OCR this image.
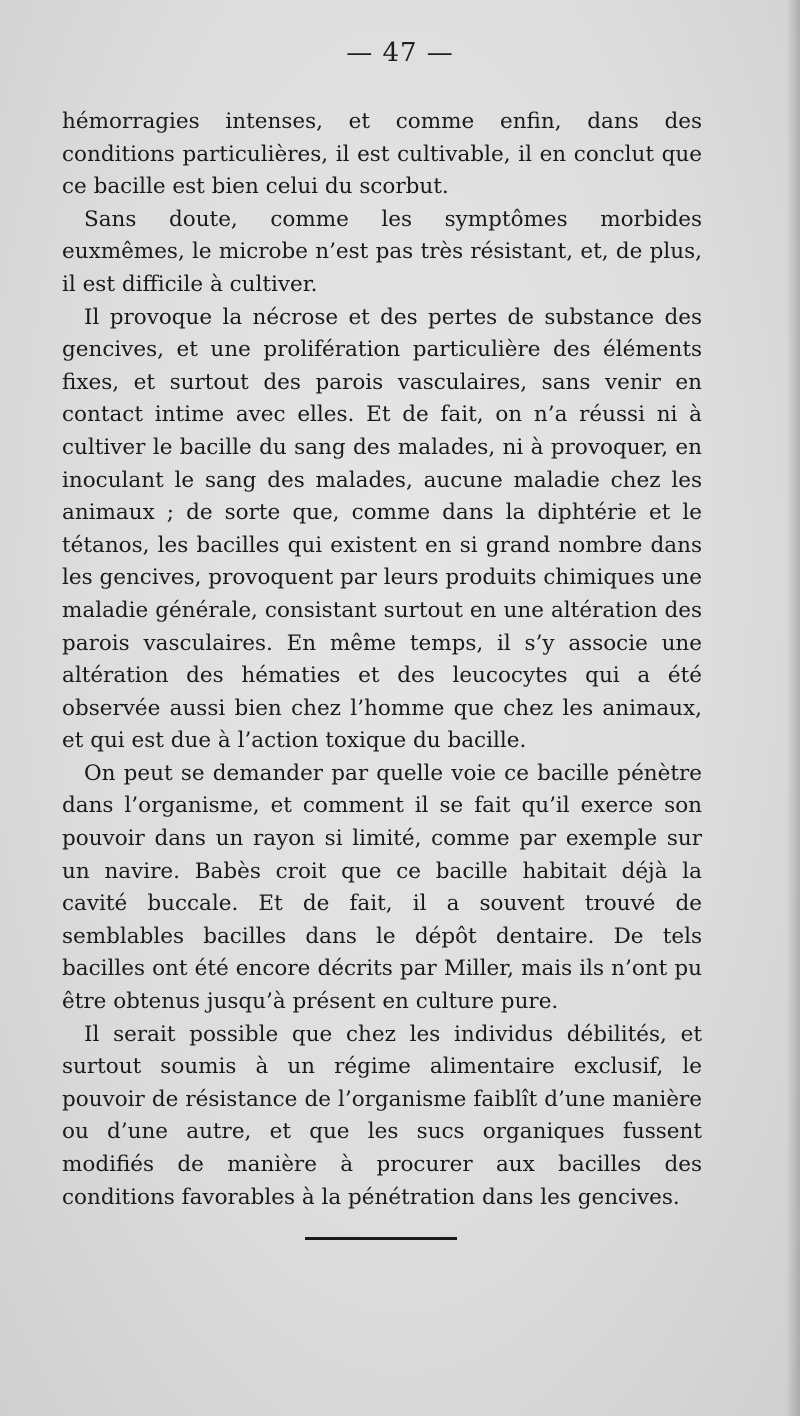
— 47 —

hémorragies intenses, et comme enfin, dans des conditions particulières, il est cultivable, il en conclut que ce bacille est bien celui du scorbut.

Sans doute, comme les symptômes morbides euxmêmes, le microbe n’est pas très résistant, et, de plus, il est difficile à cultiver.

Il provoque la nécrose et des pertes de substance des gencives, et une prolifération particulière des éléments fixes, et surtout des parois vasculaires, sans venir en contact intime avec elles. Et de fait, on n’a réussi ni à cultiver le bacille du sang des malades, ni à provoquer, en inoculant le sang des malades, aucune maladie chez les animaux ; de sorte que, comme dans la diphtérie et le tétanos, les bacilles qui existent en si grand nombre dans les gencives, provoquent par leurs produits chimiques une maladie générale, consistant surtout en une altération des parois vasculaires. En même temps, il s’y associe une altération des hématies et des leucocytes qui a été observée aussi bien chez l’homme que chez les animaux, et qui est due à l’action toxique du bacille.

On peut se demander par quelle voie ce bacille pénètre dans l’organisme, et comment il se fait qu’il exerce son pouvoir dans un rayon si limité, comme par exemple sur un navire. Babès croit que ce bacille habitait déjà la cavité buccale. Et de fait, il a souvent trouvé de semblables bacilles dans le dépôt dentaire. De tels bacilles ont été encore décrits par Miller, mais ils n’ont pu être obtenus jusqu’à présent en culture pure.

Il serait possible que chez les individus débilités, et surtout soumis à un régime alimentaire exclusif, le pouvoir de résistance de l’organisme faiblît d’une manière ou d’une autre, et que les sucs organiques fussent modifiés de manière à procurer aux bacilles des conditions favorables à la pénétration dans les gencives.
